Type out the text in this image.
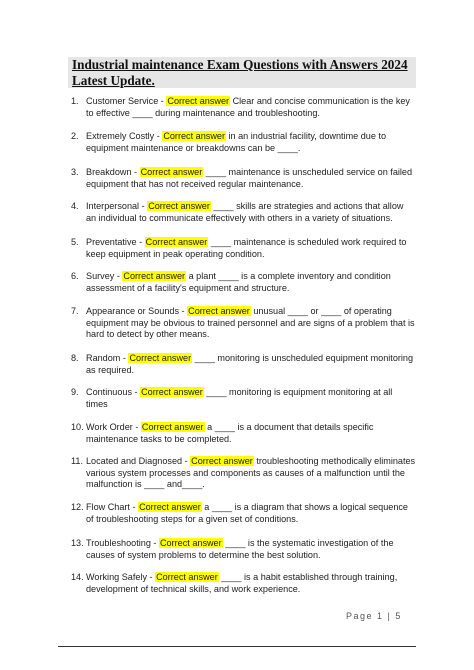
Industrial maintenance Exam Questions with Answers 2024 Latest Update.
1. Customer Service - Correct answer Clear and concise communication is the key to effective ____ during maintenance and troubleshooting.
2. Extremely Costly - Correct answer in an industrial facility, downtime due to equipment maintenance or breakdowns can be ____.
3. Breakdown - Correct answer ____ maintenance is unscheduled service on failed equipment that has not received regular maintenance.
4. Interpersonal - Correct answer ____ skills are strategies and actions that allow an individual to communicate effectively with others in a variety of situations.
5. Preventative - Correct answer ____ maintenance is scheduled work required to keep equipment in peak operating condition.
6. Survey - Correct answer a plant ____ is a complete inventory and condition assessment of a facility's equipment and structure.
7. Appearance or Sounds - Correct answer unusual ____ or ____ of operating equipment may be obvious to trained personnel and are signs of a problem that is hard to detect by other means.
8. Random - Correct answer ____ monitoring is unscheduled equipment monitoring as required.
9. Continuous - Correct answer ____ monitoring is equipment monitoring at all times
10. Work Order - Correct answer a ____ is a document that details specific maintenance tasks to be completed.
11. Located and Diagnosed - Correct answer troubleshooting methodically eliminates various system processes and components as causes of a malfunction until the malfunction is ____ and____.
12. Flow Chart - Correct answer a ____ is a diagram that shows a logical sequence of troubleshooting steps for a given set of conditions.
13. Troubleshooting - Correct answer ____ is the systematic investigation of the causes of system problems to determine the best solution.
14. Working Safely - Correct answer ____ is a habit established through training, development of technical skills, and work experience.
Page 1 | 5
